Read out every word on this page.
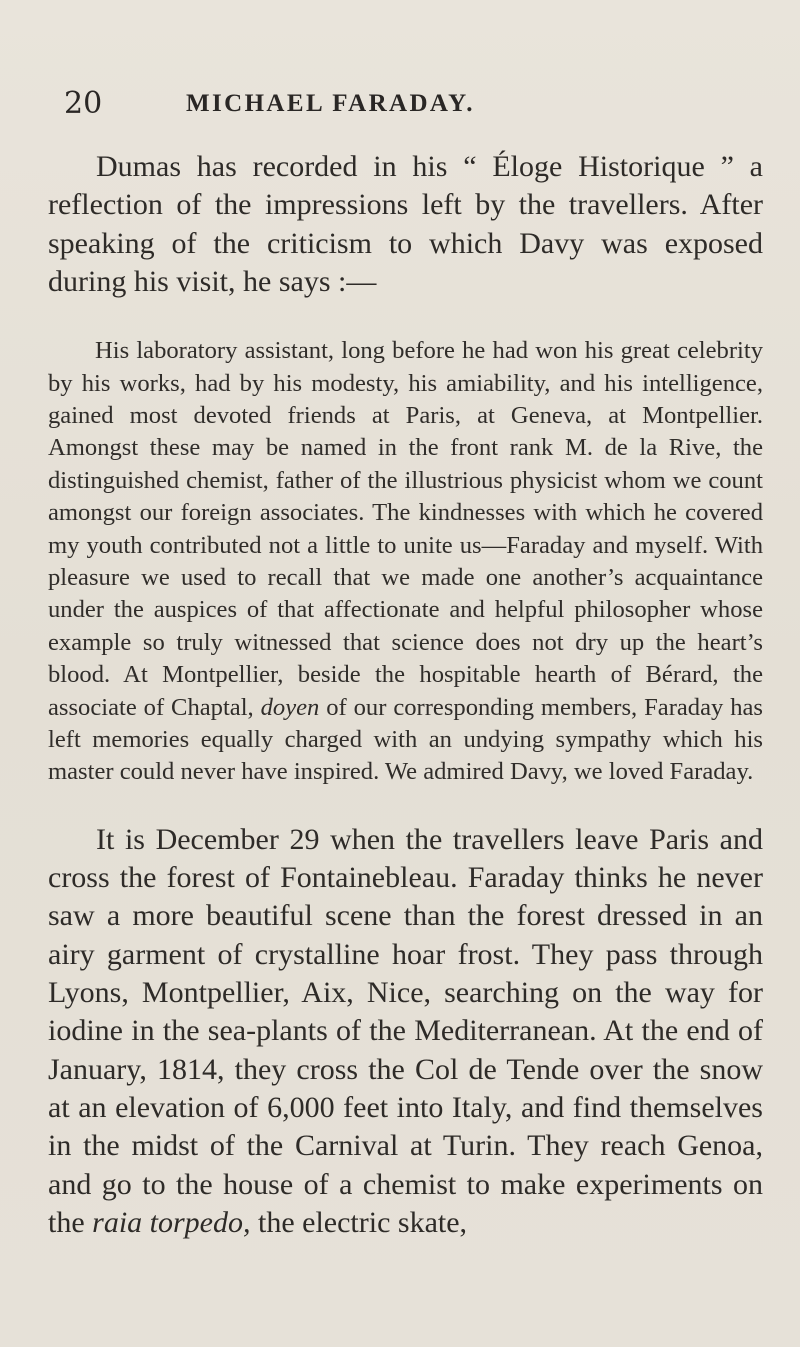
20	MICHAEL FARADAY.

Dumas has recorded in his “ Éloge Historique ” a reflection of the impressions left by the travellers. After speaking of the criticism to which Davy was exposed during his visit, he says :—

His laboratory assistant, long before he had won his great celebrity by his works, had by his modesty, his amiability, and his intelligence, gained most devoted friends at Paris, at Geneva, at Montpellier. Amongst these may be named in the front rank M. de la Rive, the distinguished chemist, father of the illustrious physicist whom we count amongst our foreign associates. The kindnesses with which he covered my youth contributed not a little to unite us—Faraday and myself. With pleasure we used to recall that we made one another’s acquaintance under the auspices of that affectionate and helpful philosopher whose example so truly witnessed that science does not dry up the heart’s blood. At Montpellier, beside the hospitable hearth of Bérard, the associate of Chaptal, doyen of our corresponding members, Faraday has left memories equally charged with an undying sympathy which his master could never have inspired. We admired Davy, we loved Faraday.

It is December 29 when the travellers leave Paris and cross the forest of Fontainebleau. Faraday thinks he never saw a more beautiful scene than the forest dressed in an airy garment of crystalline hoar frost. They pass through Lyons, Montpellier, Aix, Nice, searching on the way for iodine in the sea-plants of the Mediterranean. At the end of January, 1814, they cross the Col de Tende over the snow at an elevation of 6,000 feet into Italy, and find themselves in the midst of the Carnival at Turin. They reach Genoa, and go to the house of a chemist to make experiments on the raia torpedo, the electric skate,
